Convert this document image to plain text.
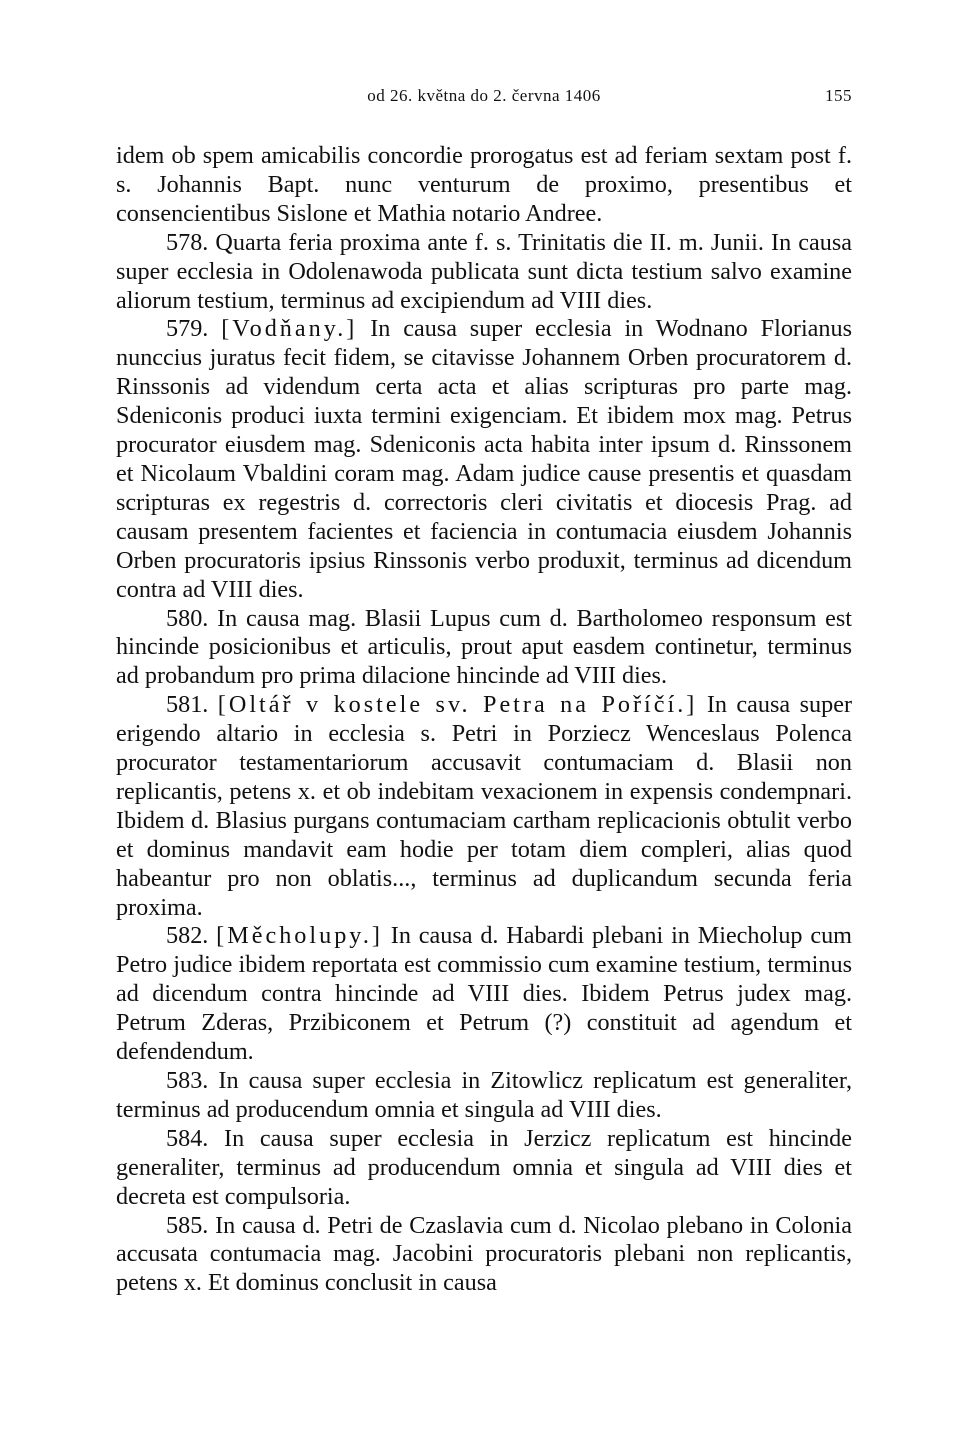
od 26. května do 2. června 1406	155

idem ob spem amicabilis concordie prorogatus est ad feriam sextam post f. s. Johannis Bapt. nunc venturum de proximo, presentibus et consencientibus Sislone et Mathia notario Andree.

578. Quarta feria proxima ante f. s. Trinitatis die II. m. Junii. In causa super ecclesia in Odolenawoda publicata sunt dicta testium salvo examine aliorum testium, terminus ad excipiendum ad VIII dies.

579. [Vodňany.] In causa super ecclesia in Wodnano Florianus nunccius juratus fecit fidem, se citavisse Johannem Orben procuratorem d. Rinssonis ad videndum certa acta et alias scripturas pro parte mag. Sdeniconis produci iuxta termini exigenciam. Et ibidem mox mag. Petrus procurator eiusdem mag. Sdeniconis acta habita inter ipsum d. Rinssonem et Nicolaum Vbaldini coram mag. Adam judice cause presentis et quasdam scripturas ex regestris d. correctoris cleri civitatis et diocesis Prag. ad causam presentem facientes et faciencia in contumacia eiusdem Johannis Orben procuratoris ipsius Rinssonis verbo produxit, terminus ad dicendum contra ad VIII dies.

580. In causa mag. Blasii Lupus cum d. Bartholomeo responsum est hincinde posicionibus et articulis, prout aput easdem continetur, terminus ad probandum pro prima dilacione hincinde ad VIII dies.

581. [Oltář v kostele sv. Petra na Poříčí.] In causa super erigendo altario in ecclesia s. Petri in Porziecz Wenceslaus Polenca procurator testamentariorum accusavit contumaciam d. Blasii non replicantis, petens x. et ob indebitam vexacionem in expensis condempnari. Ibidem d. Blasius purgans contumaciam cartham replicacionis obtulit verbo et dominus mandavit eam hodie per totam diem compleri, alias quod habeantur pro non oblatis..., terminus ad duplicandum secunda feria proxima.

582. [Měcholupy.] In causa d. Habardi plebani in Miecholup cum Petro judice ibidem reportata est commissio cum examine testium, terminus ad dicendum contra hincinde ad VIII dies. Ibidem Petrus judex mag. Petrum Zderas, Przibiconem et Petrum (?) constituit ad agendum et defendendum.

583. In causa super ecclesia in Zitowlicz replicatum est generaliter, terminus ad producendum omnia et singula ad VIII dies.

584. In causa super ecclesia in Jerzicz replicatum est hincinde generaliter, terminus ad producendum omnia et singula ad VIII dies et decreta est compulsoria.

585. In causa d. Petri de Czaslavia cum d. Nicolao plebano in Colonia accusata contumacia mag. Jacobini procuratoris plebani non replicantis, petens x. Et dominus conclusit in causa
